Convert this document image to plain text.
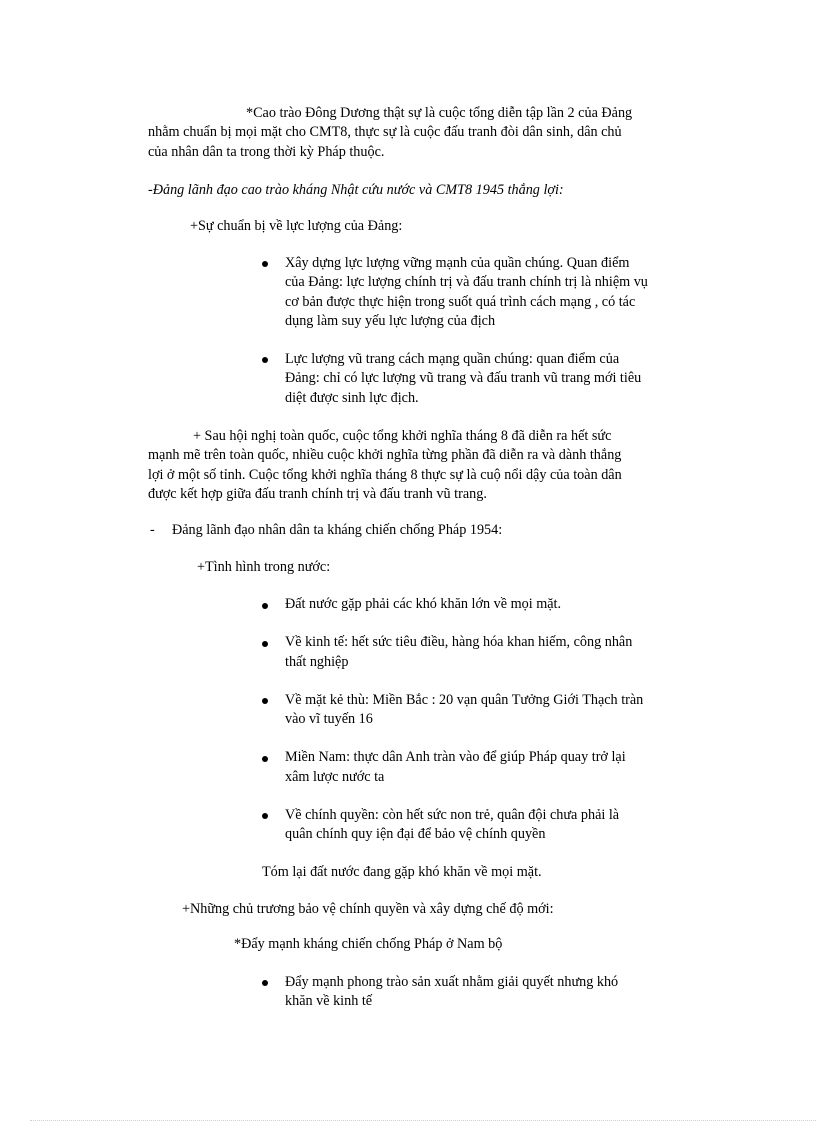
*Cao trào Đông Dương thật sự là cuộc tổng diễn tập lần 2 của Đảng
nhằm chuẩn bị mọi mặt cho CMT8, thực sự là cuộc đấu tranh đòi dân sinh, dân chủ
của nhân dân ta trong thời kỳ Pháp thuộc.
-Đảng lãnh đạo cao trào kháng Nhật cứu nước và CMT8 1945 thắng lợi:
+Sự chuẩn bị về lực lượng của Đảng:
Xây dựng lực lượng vững mạnh của quần chúng. Quan điểm
của Đảng: lực lượng chính trị và đấu tranh chính trị là nhiệm vụ
cơ bản được thực hiện trong suốt quá trình cách mạng , có tác
dụng làm suy yếu lực lượng của địch
Lực lượng vũ trang cách mạng quần chúng: quan điểm của
Đảng: chỉ có lực lượng vũ trang và đấu tranh vũ trang mới tiêu
diệt được sinh lực địch.
+ Sau hội nghị toàn quốc, cuộc tổng khởi nghĩa tháng 8 đã diễn ra hết sức
mạnh mẽ trên toàn quốc, nhiều cuộc khởi nghĩa từng phần đã diễn ra và dành thắng
lợi ở một số tỉnh. Cuộc tổng khởi nghĩa tháng 8 thực sự là cuộ nổi dậy của toàn dân
được kết hợp giữa đấu tranh chính trị và đấu tranh vũ trang.
- Đảng lãnh đạo nhân dân ta kháng chiến chống Pháp 1954:
+Tình hình trong nước:
Đất nước gặp phải các khó khăn lớn về mọi mặt.
Về kinh tế: hết sức tiêu điều, hàng hóa khan hiếm, công nhân
thất nghiệp
Về mặt kẻ thù: Miền Bắc : 20 vạn quân Tưởng Giới Thạch tràn
vào vĩ tuyến 16
Miền Nam: thực dân Anh tràn vào để giúp Pháp quay trở lại
xâm lược nước ta
Về chính quyền: còn hết sức non trẻ, quân đội chưa phải là
quân chính quy iện đại để bảo vệ chính quyền
Tóm lại đất nước đang gặp khó khăn về mọi mặt.
+Những chủ trương bảo vệ chính quyền và xây dựng chế độ mới:
*Đẩy mạnh kháng chiến chống Pháp ở Nam bộ
Đẩy mạnh phong trào sản xuất nhằm giải quyết nhưng khó
khăn về kinh tế
